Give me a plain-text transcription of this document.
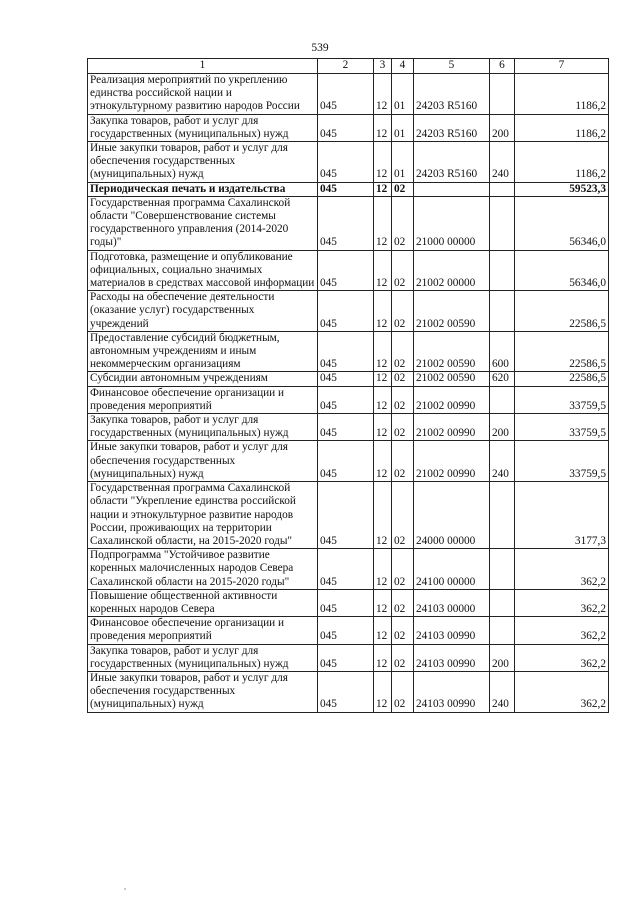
539
1	2	3	4	5	6	7
Реализация мероприятий по укреплению единства российской нации и этнокультурному развитию народов России	045	12	01	24203 R5160		1186,2
Закупка товаров, работ и услуг для государственных (муниципальных) нужд	045	12	01	24203 R5160	200	1186,2
Иные закупки товаров, работ и услуг для обеспечения государственных (муниципальных) нужд	045	12	01	24203 R5160	240	1186,2
Периодическая печать и издательства	045	12	02			59523,3
Государственная программа Сахалинской области "Совершенствование системы государственного управления (2014-2020 годы)"	045	12	02	21000 00000		56346,0
Подготовка, размещение и опубликование официальных, социально значимых материалов в средствах массовой информации	045	12	02	21002 00000		56346,0
Расходы на обеспечение деятельности (оказание услуг) государственных учреждений	045	12	02	21002 00590		22586,5
Предоставление субсидий бюджетным, автономным учреждениям и иным некоммерческим организациям	045	12	02	21002 00590	600	22586,5
Субсидии автономным учреждениям	045	12	02	21002 00590	620	22586,5
Финансовое обеспечение организации и проведения мероприятий	045	12	02	21002 00990		33759,5
Закупка товаров, работ и услуг для государственных (муниципальных) нужд	045	12	02	21002 00990	200	33759,5
Иные закупки товаров, работ и услуг для обеспечения государственных (муниципальных) нужд	045	12	02	21002 00990	240	33759,5
Государственная программа Сахалинской области "Укрепление единства российской нации и этнокультурное развитие народов России, проживающих на территории Сахалинской области, на 2015-2020 годы"	045	12	02	24000 00000		3177,3
Подпрограмма "Устойчивое развитие коренных малочисленных народов Севера Сахалинской области на 2015-2020 годы"	045	12	02	24100 00000		362,2
Повышение общественной активности коренных народов Севера	045	12	02	24103 00000		362,2
Финансовое обеспечение организации и проведения мероприятий	045	12	02	24103 00990		362,2
Закупка товаров, работ и услуг для государственных (муниципальных) нужд	045	12	02	24103 00990	200	362,2
Иные закупки товаров, работ и услуг для обеспечения государственных (муниципальных) нужд	045	12	02	24103 00990	240	362,2
